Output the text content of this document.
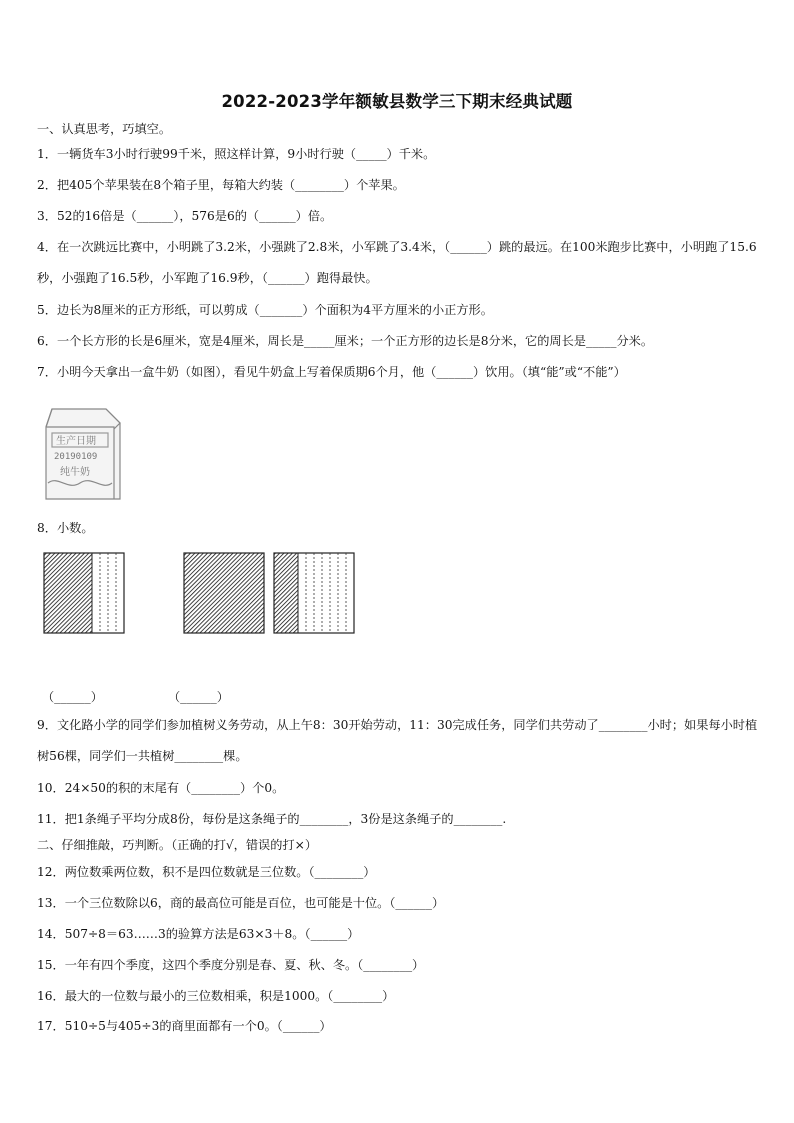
2022-2023学年额敏县数学三下期末经典试题
一、认真思考，巧填空。
1．一辆货车3小时行驶99千米，照这样计算，9小时行驶（_____）千米。
2．把405个苹果装在8个箱子里，每箱大约装（________）个苹果。
3．52的16倍是（______），576是6的（______）倍。
4．在一次跳远比赛中，小明跳了3.2米，小强跳了2.8米，小军跳了3.4米，（______）跳的最远。在100米跑步比赛中，小明跑了15.6秒，小强跑了16.5秒，小军跑了16.9秒，（______）跑得最快。
5．边长为8厘米的正方形纸，可以剪成（_______）个面积为4平方厘米的小正方形。
6．一个长方形的长是6厘米，宽是4厘米，周长是_____厘米；一个正方形的边长是8分米，它的周长是_____分米。
7．小明今天拿出一盒牛奶（如图），看见牛奶盒上写着保质期6个月，他（______）饮用。（填“能”或“不能”）
生产日期
20190109
纯牛奶
8．小数。
（______）	（______）
9．文化路小学的同学们参加植树义务劳动，从上午8：30开始劳动，11：30完成任务，同学们共劳动了________小时；如果每小时植树56棵，同学们一共植树________棵。
10．24×50的积的末尾有（________）个0。
11．把1条绳子平均分成8份，每份是这条绳子的________，3份是这条绳子的________.
二、仔细推敲，巧判断。（正确的打√，错误的打×）
12．两位数乘两位数，积不是四位数就是三位数。（________）
13．一个三位数除以6，商的最高位可能是百位，也可能是十位。（______）
14．507÷8＝63……3的验算方法是63×3＋8。（______）
15．一年有四个季度，这四个季度分别是春、夏、秋、冬。（________）
16．最大的一位数与最小的三位数相乘，积是1000。（________）
17．510÷5与405÷3的商里面都有一个0。（______）
